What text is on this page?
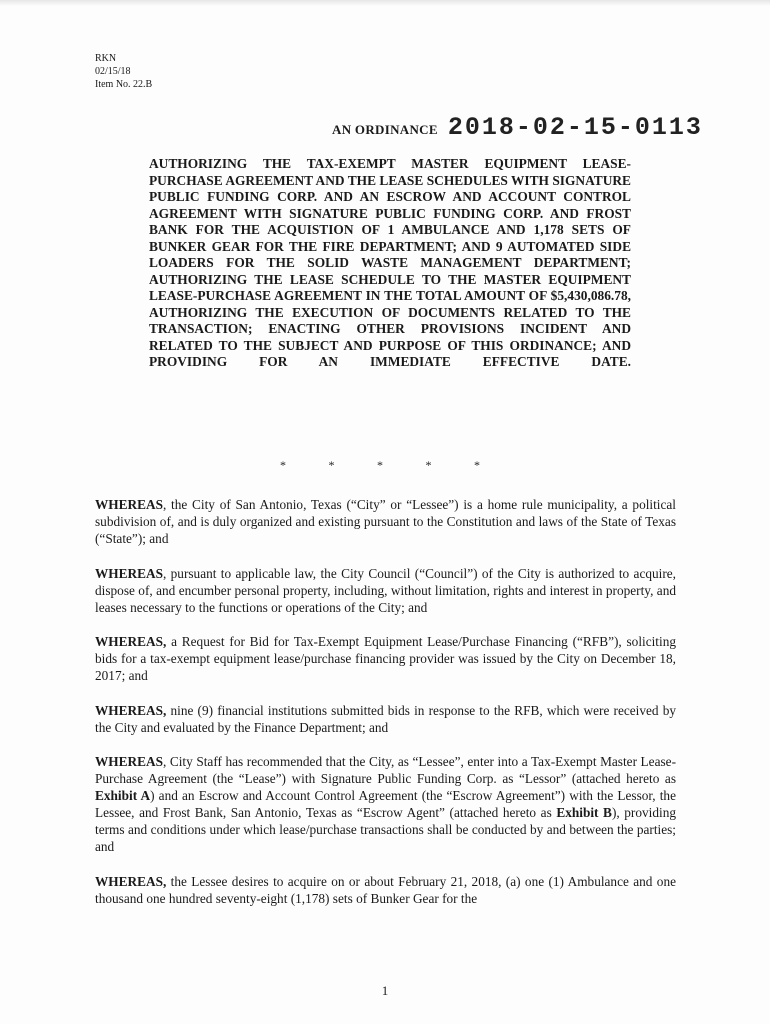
RKN
02/15/18
Item No. 22.B
AN ORDINANCE 2018-02-15-0113
AUTHORIZING THE TAX-EXEMPT MASTER EQUIPMENT LEASE-PURCHASE AGREEMENT AND THE LEASE SCHEDULES WITH SIGNATURE PUBLIC FUNDING CORP. AND AN ESCROW AND ACCOUNT CONTROL AGREEMENT WITH SIGNATURE PUBLIC FUNDING CORP. AND FROST BANK FOR THE ACQUISTION OF 1 AMBULANCE AND 1,178 SETS OF BUNKER GEAR FOR THE FIRE DEPARTMENT; AND 9 AUTOMATED SIDE LOADERS FOR THE SOLID WASTE MANAGEMENT DEPARTMENT; AUTHORIZING THE LEASE SCHEDULE TO THE MASTER EQUIPMENT LEASE-PURCHASE AGREEMENT IN THE TOTAL AMOUNT OF $5,430,086.78, AUTHORIZING THE EXECUTION OF DOCUMENTS RELATED TO THE TRANSACTION; ENACTING OTHER PROVISIONS INCIDENT AND RELATED TO THE SUBJECT AND PURPOSE OF THIS ORDINANCE; AND PROVIDING FOR AN IMMEDIATE EFFECTIVE DATE.
*	*	*	*	*

WHEREAS, the City of San Antonio, Texas (“City” or “Lessee”) is a home rule municipality, a political subdivision of, and is duly organized and existing pursuant to the Constitution and laws of the State of Texas (“State”); and

WHEREAS, pursuant to applicable law, the City Council (“Council”) of the City is authorized to acquire, dispose of, and encumber personal property, including, without limitation, rights and interest in property, and leases necessary to the functions or operations of the City; and

WHEREAS, a Request for Bid for Tax-Exempt Equipment Lease/Purchase Financing (“RFB”), soliciting bids for a tax-exempt equipment lease/purchase financing provider was issued by the City on December 18, 2017; and

WHEREAS, nine (9) financial institutions submitted bids in response to the RFB, which were received by the City and evaluated by the Finance Department; and

WHEREAS, City Staff has recommended that the City, as “Lessee”, enter into a Tax-Exempt Master Lease-Purchase Agreement (the “Lease”) with Signature Public Funding Corp. as “Lessor” (attached hereto as Exhibit A) and an Escrow and Account Control Agreement (the “Escrow Agreement”) with the Lessor, the Lessee, and Frost Bank, San Antonio, Texas as “Escrow Agent” (attached hereto as Exhibit B), providing terms and conditions under which lease/purchase transactions shall be conducted by and between the parties; and

WHEREAS, the Lessee desires to acquire on or about February 21, 2018, (a) one (1) Ambulance and one thousand one hundred seventy-eight (1,178) sets of Bunker Gear for the

1
